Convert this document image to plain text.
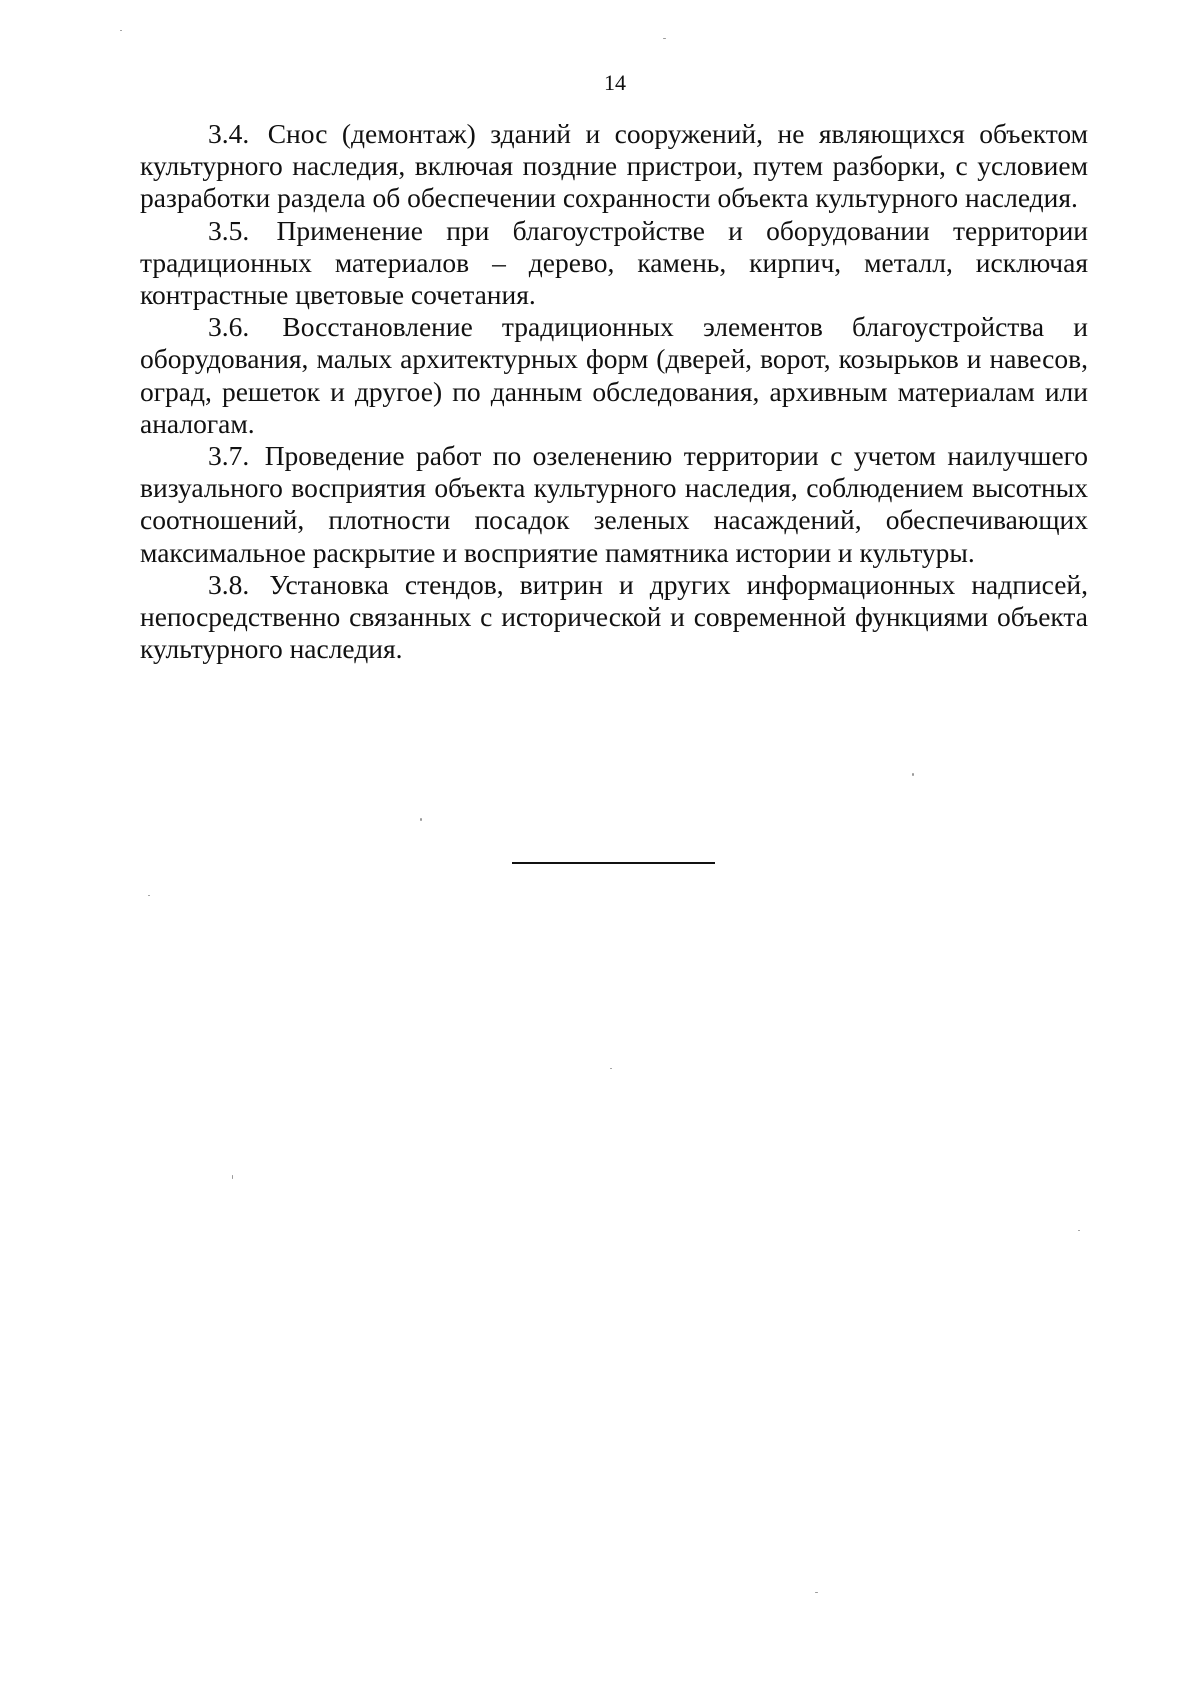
14

3.4. Снос (демонтаж) зданий и сооружений, не являющихся объектом культурного наследия, включая поздние пристрои, путем разборки, с условием разработки раздела об обеспечении сохранности объекта культурного наследия.

3.5. Применение при благоустройстве и оборудовании территории традиционных материалов – дерево, камень, кирпич, металл, исключая контрастные цветовые сочетания.

3.6. Восстановление традиционных элементов благоустройства и оборудования, малых архитектурных форм (дверей, ворот, козырьков и навесов, оград, решеток и другое) по данным обследования, архивным материалам или аналогам.

3.7. Проведение работ по озеленению территории с учетом наилучшего визуального восприятия объекта культурного наследия, соблюдением высотных соотношений, плотности посадок зеленых насаждений, обеспечивающих максимальное раскрытие и восприятие памятника истории и культуры.

3.8. Установка стендов, витрин и других информационных надписей, непосредственно связанных с исторической и современной функциями объекта культурного наследия.
